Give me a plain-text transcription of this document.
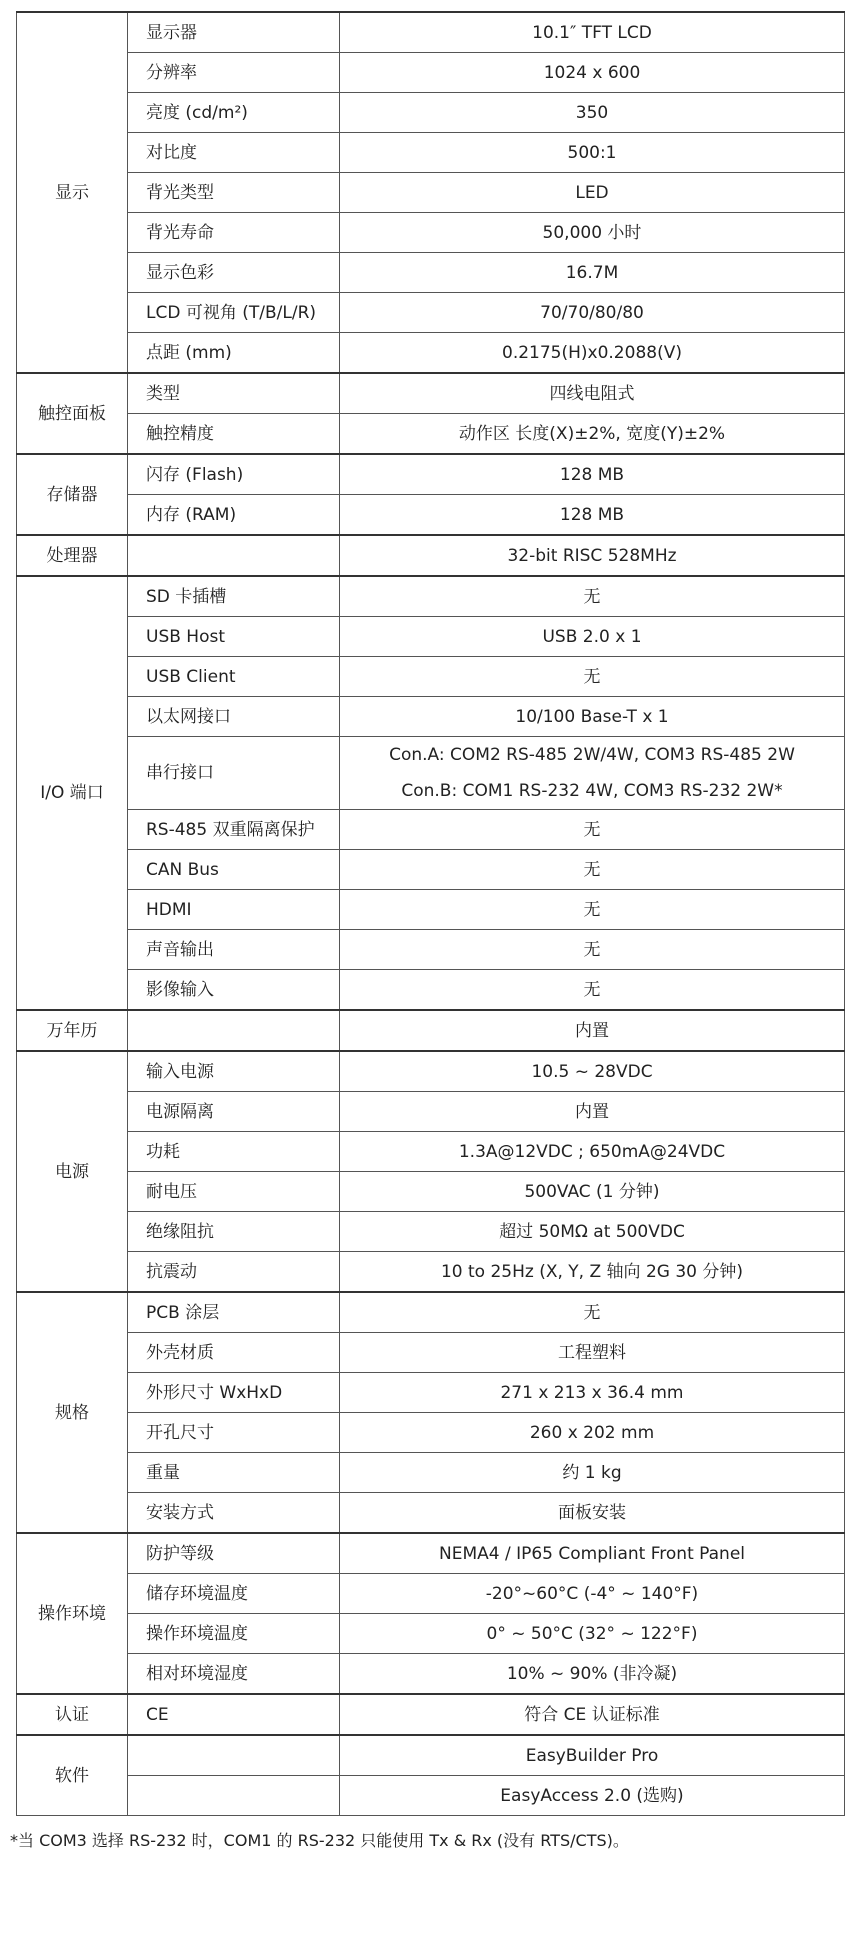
显示	显示器	10.1″ TFT LCD
	分辨率	1024 x 600
	亮度 (cd/m²)	350
	对比度	500:1
	背光类型	LED
	背光寿命	50,000 小时
	显示色彩	16.7M
	LCD 可视角 (T/B/L/R)	70/70/80/80
	点距 (mm)	0.2175(H)x0.2088(V)
触控面板	类型	四线电阻式
	触控精度	动作区 长度(X)±2%, 宽度(Y)±2%
存储器	闪存 (Flash)	128 MB
	内存 (RAM)	128 MB
处理器		32-bit RISC 528MHz
I/O 端口	SD 卡插槽	无
	USB Host	USB 2.0 x 1
	USB Client	无
	以太网接口	10/100 Base-T x 1
	串行接口	Con.A: COM2 RS-485 2W/4W, COM3 RS-485 2W
Con.B: COM1 RS-232 4W, COM3 RS-232 2W*

	RS-485 双重隔离保护	无
	CAN Bus	无
	HDMI	无
	声音输出	无
	影像输入	无
万年历		内置
电源	输入电源	10.5 ~ 28VDC
	电源隔离	内置
	功耗	1.3A@12VDC ; 650mA@24VDC
	耐电压	500VAC (1 分钟)
	绝缘阻抗	超过 50MΩ at 500VDC
	抗震动	10 to 25Hz (X, Y, Z 轴向 2G 30 分钟)
规格	PCB 涂层	无
	外壳材质	工程塑料
	外形尺寸 WxHxD	271 x 213 x 36.4 mm
	开孔尺寸	260 x 202 mm
	重量	约 1 kg
	安装方式	面板安装
操作环境	防护等级	NEMA4 / IP65 Compliant Front Panel
	储存环境温度	-20°~60°C (-4° ~ 140°F)
	操作环境温度	0° ~ 50°C (32° ~ 122°F)
	相对环境湿度	10% ~ 90% (非冷凝)
认证	CE	符合 CE 认证标准
软件		EasyBuilder Pro
		EasyAccess 2.0 (选购)
*当 COM3 选择 RS-232 时，COM1 的 RS-232 只能使用 Tx & Rx (没有 RTS/CTS)。
